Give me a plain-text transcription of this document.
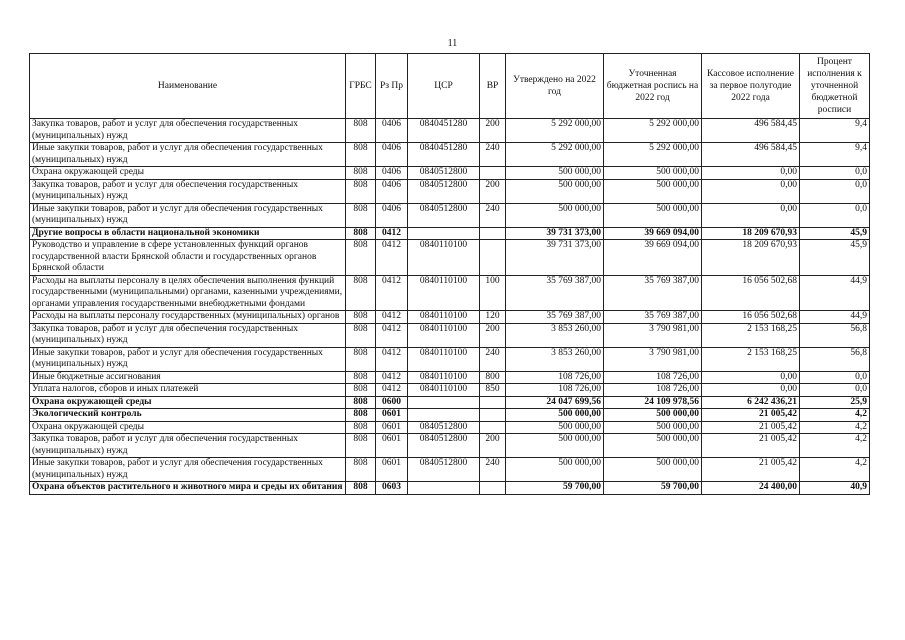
11
Наименование	ГРБС	Рз Пр	ЦСР	ВР	Утверждено на 2022 год	Уточненная бюджетная роспись на 2022 год	Кассовое исполнение за первое полугодие 2022 года	Процент исполнения к уточненной бюджетной росписи
Закупка товаров, работ и услуг для обеспечения государственных (муниципальных) нужд	808	0406	0840451280	200	5 292 000,00	5 292 000,00	496 584,45	9,4
Иные закупки товаров, работ и услуг для обеспечения государственных (муниципальных) нужд	808	0406	0840451280	240	5 292 000,00	5 292 000,00	496 584,45	9,4
Охрана окружающей среды	808	0406	0840512800		500 000,00	500 000,00	0,00	0,0
Закупка товаров, работ и услуг для обеспечения государственных (муниципальных) нужд	808	0406	0840512800	200	500 000,00	500 000,00	0,00	0,0
Иные закупки товаров, работ и услуг для обеспечения государственных (муниципальных) нужд	808	0406	0840512800	240	500 000,00	500 000,00	0,00	0,0
Другие вопросы в области национальной экономики	808	0412			39 731 373,00	39 669 094,00	18 209 670,93	45,9
Руководство и управление в сфере установленных функций органов государственной власти Брянской области и государственных органов Брянской области	808	0412	0840110100		39 731 373,00	39 669 094,00	18 209 670,93	45,9
Расходы на выплаты персоналу в целях обеспечения выполнения функций государственными (муниципальными) органами, казенными учреждениями, органами управления государственными внебюджетными фондами	808	0412	0840110100	100	35 769 387,00	35 769 387,00	16 056 502,68	44,9
Расходы на выплаты персоналу государственных (муниципальных) органов	808	0412	0840110100	120	35 769 387,00	35 769 387,00	16 056 502,68	44,9
Закупка товаров, работ и услуг для обеспечения государственных (муниципальных) нужд	808	0412	0840110100	200	3 853 260,00	3 790 981,00	2 153 168,25	56,8
Иные закупки товаров, работ и услуг для обеспечения государственных (муниципальных) нужд	808	0412	0840110100	240	3 853 260,00	3 790 981,00	2 153 168,25	56,8
Иные бюджетные ассигнования	808	0412	0840110100	800	108 726,00	108 726,00	0,00	0,0
Уплата налогов, сборов и иных платежей	808	0412	0840110100	850	108 726,00	108 726,00	0,00	0,0
Охрана окружающей среды	808	0600			24 047 699,56	24 109 978,56	6 242 436,21	25,9
Экологический контроль	808	0601			500 000,00	500 000,00	21 005,42	4,2
Охрана окружающей среды	808	0601	0840512800		500 000,00	500 000,00	21 005,42	4,2
Закупка товаров, работ и услуг для обеспечения государственных (муниципальных) нужд	808	0601	0840512800	200	500 000,00	500 000,00	21 005,42	4,2
Иные закупки товаров, работ и услуг для обеспечения государственных (муниципальных) нужд	808	0601	0840512800	240	500 000,00	500 000,00	21 005,42	4,2
Охрана объектов растительного и животного мира и среды их обитания	808	0603			59 700,00	59 700,00	24 400,00	40,9
